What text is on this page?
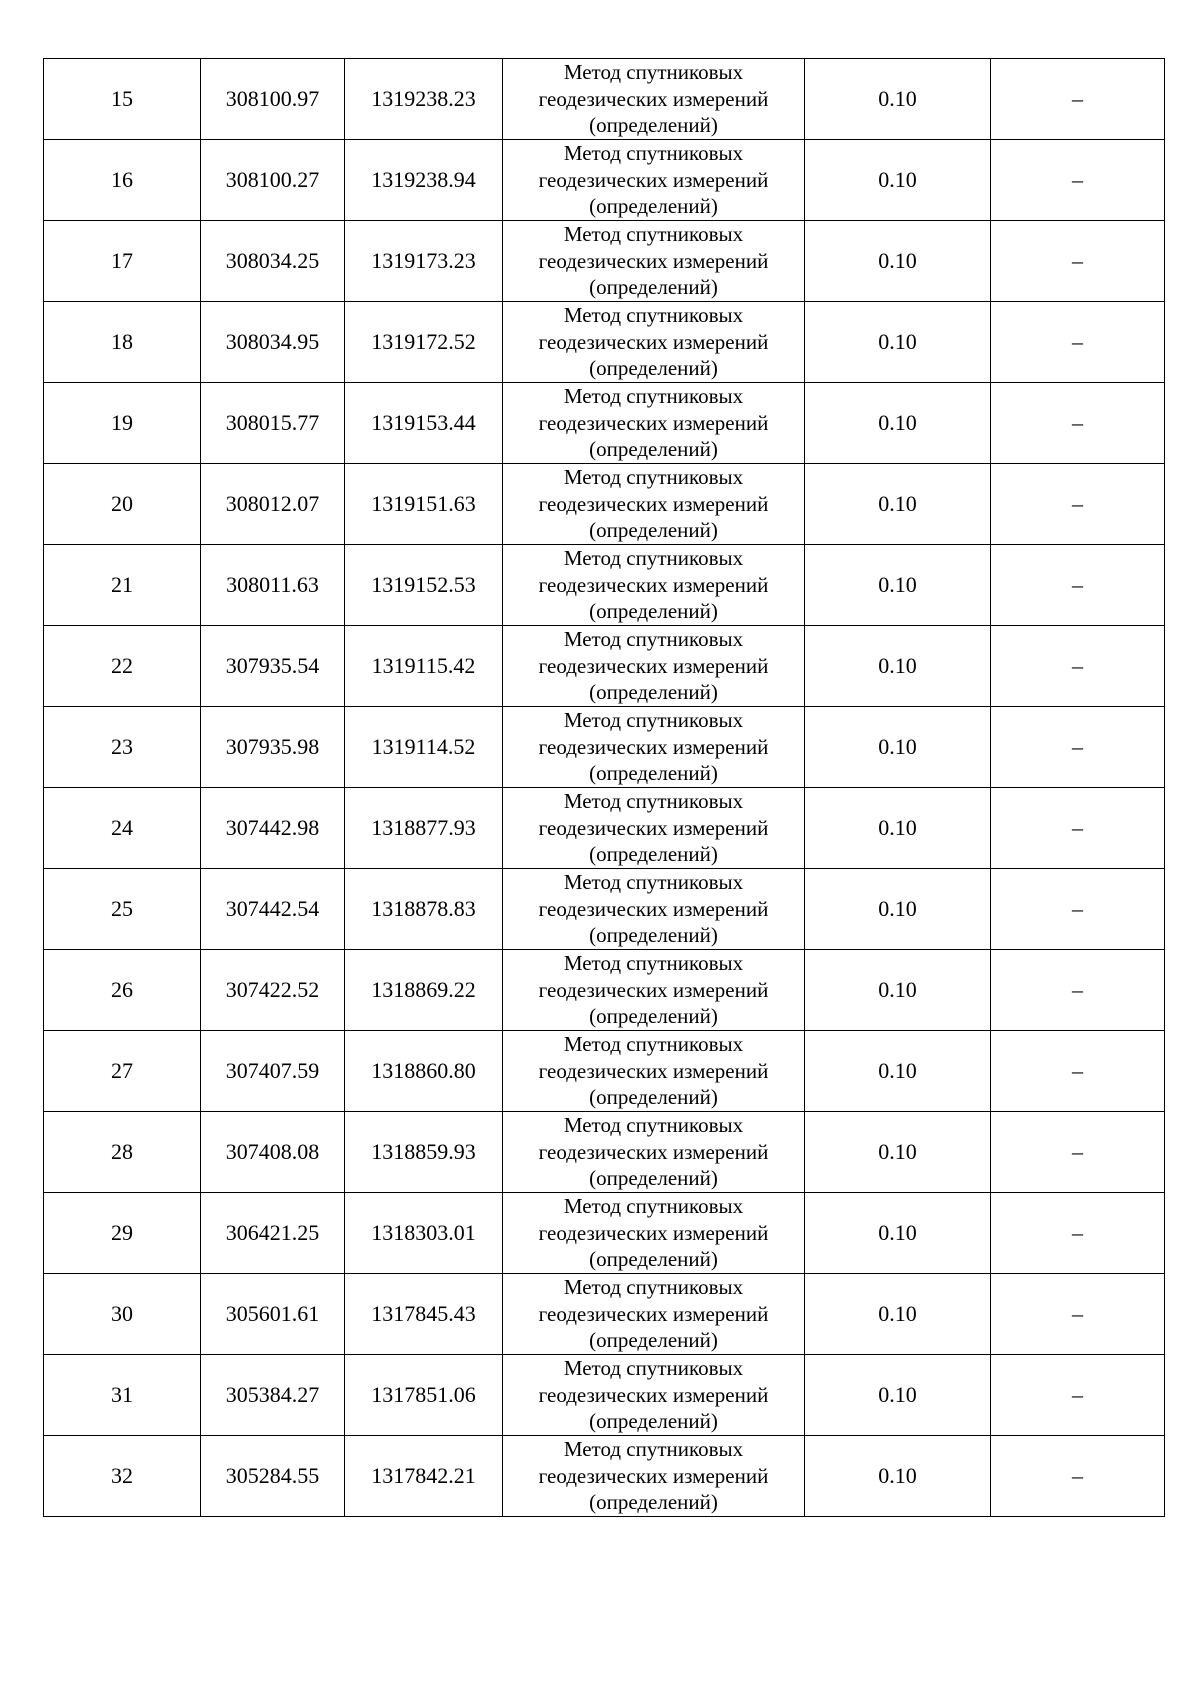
15	308100.97	1319238.23	Метод спутниковых
геодезических измерений
(определений)	0.10	–
16	308100.27	1319238.94	Метод спутниковых
геодезических измерений
(определений)	0.10	–
17	308034.25	1319173.23	Метод спутниковых
геодезических измерений
(определений)	0.10	–
18	308034.95	1319172.52	Метод спутниковых
геодезических измерений
(определений)	0.10	–
19	308015.77	1319153.44	Метод спутниковых
геодезических измерений
(определений)	0.10	–
20	308012.07	1319151.63	Метод спутниковых
геодезических измерений
(определений)	0.10	–
21	308011.63	1319152.53	Метод спутниковых
геодезических измерений
(определений)	0.10	–
22	307935.54	1319115.42	Метод спутниковых
геодезических измерений
(определений)	0.10	–
23	307935.98	1319114.52	Метод спутниковых
геодезических измерений
(определений)	0.10	–
24	307442.98	1318877.93	Метод спутниковых
геодезических измерений
(определений)	0.10	–
25	307442.54	1318878.83	Метод спутниковых
геодезических измерений
(определений)	0.10	–
26	307422.52	1318869.22	Метод спутниковых
геодезических измерений
(определений)	0.10	–
27	307407.59	1318860.80	Метод спутниковых
геодезических измерений
(определений)	0.10	–
28	307408.08	1318859.93	Метод спутниковых
геодезических измерений
(определений)	0.10	–
29	306421.25	1318303.01	Метод спутниковых
геодезических измерений
(определений)	0.10	–
30	305601.61	1317845.43	Метод спутниковых
геодезических измерений
(определений)	0.10	–
31	305384.27	1317851.06	Метод спутниковых
геодезических измерений
(определений)	0.10	–
32	305284.55	1317842.21	Метод спутниковых
геодезических измерений
(определений)	0.10	–
